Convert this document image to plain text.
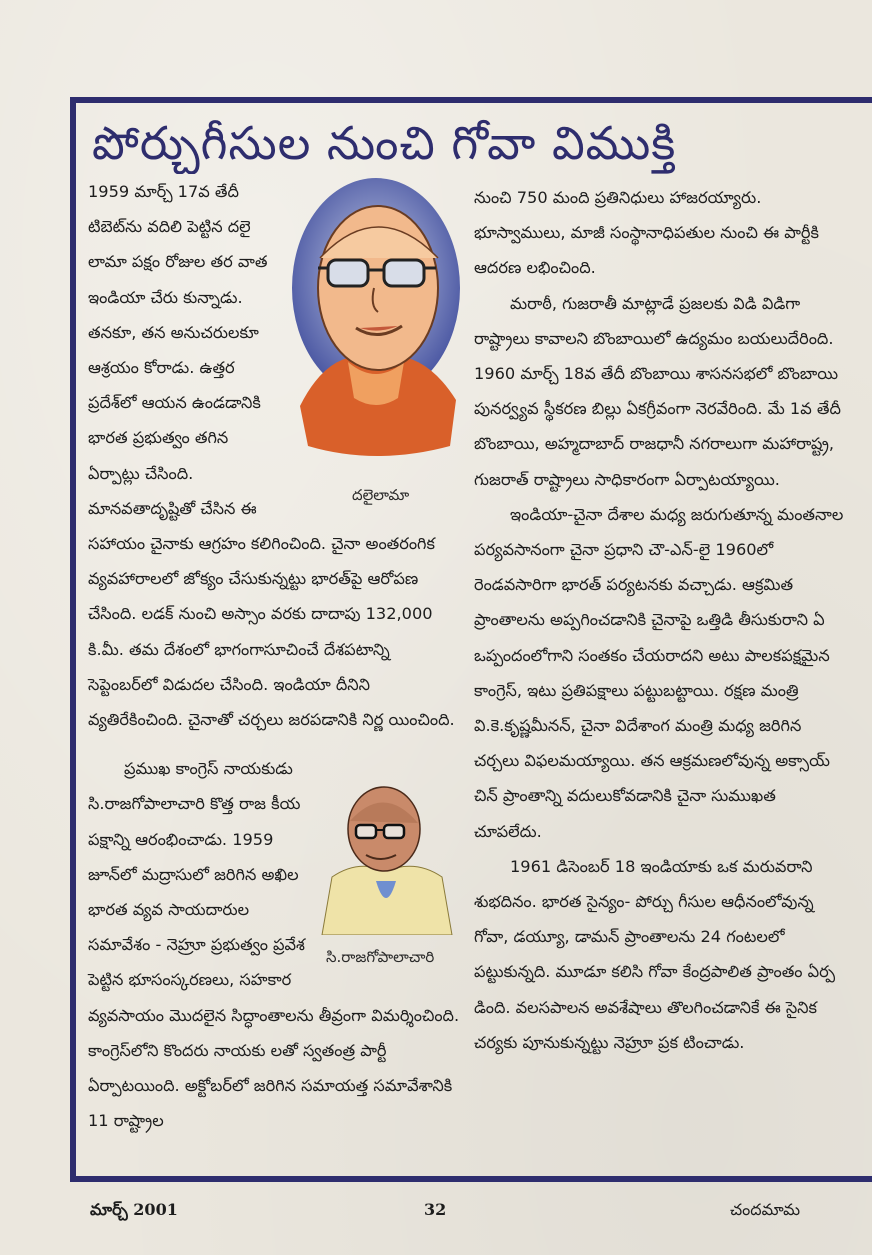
పోర్చుగీసుల నుంచి గోవా విముక్తి

1959 మార్చ్ 17వ తేదీ టిబెట్‌ను వదిలి పెట్టిన దలై లామా పక్షం రోజుల తర వాత ఇండియా చేరు కున్నాడు. తనకూ, తన అనుచరులకూ ఆశ్రయం కోరాడు. ఉత్తర ప్రదేశ్‌లో ఆయన ఉండడానికి భారత ప్రభుత్వం తగిన ఏర్పాట్లు చేసింది. మానవతాదృష్టితో చేసిన ఈ సహాయం చైనాకు ఆగ్రహం కలిగించింది. చైనా అంతరంగిక వ్యవహారాలలో జోక్యం చేసుకున్నట్టు భారత్‌పై ఆరోపణ చేసింది. లడక్ నుంచి అస్సాం వరకు దాదాపు 132,000 కి.మీ. తమ దేశంలో భాగంగాసూచించే దేశపటాన్ని సెప్టెంబర్‌లో విడుదల చేసింది. ఇండియా దీనిని వ్యతిరేకించింది. చైనాతో చర్చలు జరపడానికి నిర్ణ యించింది.

ప్రముఖ కాంగ్రెస్ నాయకుడు సి.రాజగోపాలాచారి కొత్త రాజ కీయ పక్షాన్ని ఆరంభించాడు. 1959 జూన్‌లో మద్రాసులో జరిగిన అఖిల భారత వ్యవ సాయదారుల సమావేశం - నెహ్రూ ప్రభుత్వం ప్రవేశ పెట్టిన భూసంస్కరణలు, సహకార వ్యవసాయం మొదలైన సిద్ధాంతాలను తీవ్రంగా విమర్శించింది. కాంగ్రెస్‌లోని కొందరు నాయకు లతో స్వతంత్ర పార్టీ ఏర్పాటయింది. అక్టోబర్‌లో జరిగిన సమాయత్త సమావేశానికి 11 రాష్ట్రాల

నుంచి 750 మంది ప్రతినిధులు హాజరయ్యారు. భూస్వాములు, మాజీ సంస్థానాధిపతుల నుంచి ఈ పార్టీకి ఆదరణ లభించింది.

మరాఠీ, గుజరాతీ మాట్లాడే ప్రజలకు విడి విడిగా రాష్ట్రాలు కావాలని బొంబాయిలో ఉద్యమం బయలుదేరింది. 1960 మార్చ్ 18వ తేదీ బొంబాయి శాసనసభలో బొంబాయి పునర్వ్యవ స్థీకరణ బిల్లు ఏకగ్రీవంగా నెరవేరింది. మే 1వ తేదీ బొంబాయి, అహ్మదాబాద్ రాజధానీ నగరాలుగా మహారాష్ట్ర, గుజరాత్ రాష్ట్రాలు సాధికారంగా ఏర్పాటయ్యాయి.

ఇండియా-చైనా దేశాల మధ్య జరుగుతూన్న మంతనాల పర్యవసానంగా చైనా ప్రధాని చౌ-ఎన్-లై 1960లో రెండవసారిగా భారత్ పర్యటనకు వచ్చాడు. ఆక్రమిత ప్రాంతాలను అప్పగించడానికి చైనాపై ఒత్తిడి తీసుకురాని ఏ ఒప్పందంలోగాని సంతకం చేయరాదని అటు పాలకపక్షమైన కాంగ్రెస్, ఇటు ప్రతిపక్షాలు పట్టుబట్టాయి. రక్షణ మంత్రి వి.కె.కృష్ణమీనన్, చైనా విదేశాంగ మంత్రి మధ్య జరిగిన చర్చలు విఫలమయ్యాయి. తన ఆక్రమణలోవున్న అక్సాయ్ చిన్ ప్రాంతాన్ని వదులుకోవడానికి చైనా సుముఖత చూపలేదు.

1961 డిసెంబర్ 18 ఇండియాకు ఒక మరువరాని శుభదినం. భారత సైన్యం- పోర్చు గీసుల ఆధీనంలోవున్న గోవా, డయ్యూ, డామన్ ప్రాంతాలను 24 గంటలలో పట్టుకున్నది. మూడూ కలిసి గోవా కేంద్రపాలిత ప్రాంతం ఏర్ప డింది. వలసపాలన అవశేషాలు తొలగించడానికే ఈ సైనిక చర్యకు పూనుకున్నట్టు నెహ్రూ ప్రక టించాడు.

దలైలామా
సి.రాజగోపాలాచారి
మార్చ్ 2001	32	చందమామ
